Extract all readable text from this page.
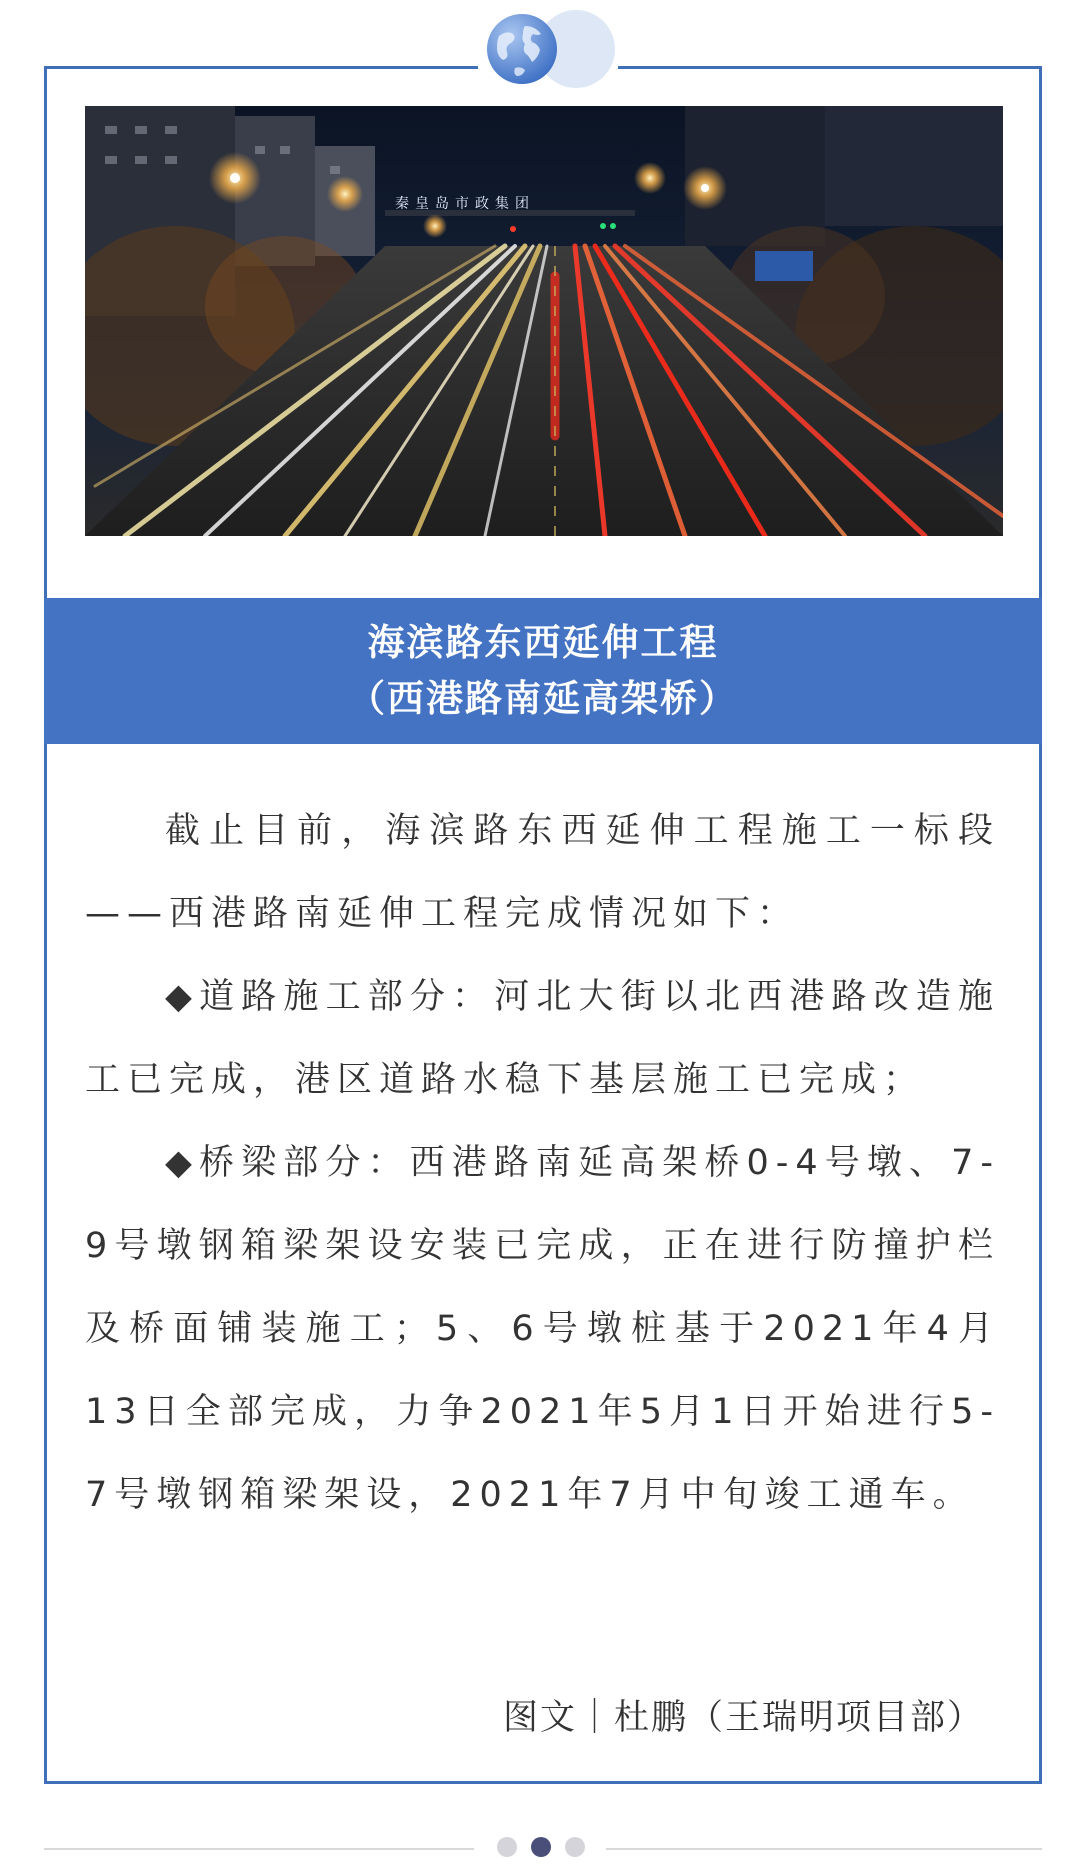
秦皇岛市政集团
海滨路东西延伸工程
（西港路南延高架桥）

截止目前，海滨路东西延伸工程施工一标段——西港路南延伸工程完成情况如下：

◆道路施工部分：河北大街以北西港路改造施工已完成，港区道路水稳下基层施工已完成；

◆桥梁部分：西港路南延高架桥0-4号墩、7-9号墩钢箱梁架设安装已完成，正在进行防撞护栏及桥面铺装施工；5、6号墩桩基于2021年4月13日全部完成，力争2021年5月1日开始进行5-7号墩钢箱梁架设，2021年7月中旬竣工通车。

图文｜杜鹏（王瑞明项目部）
